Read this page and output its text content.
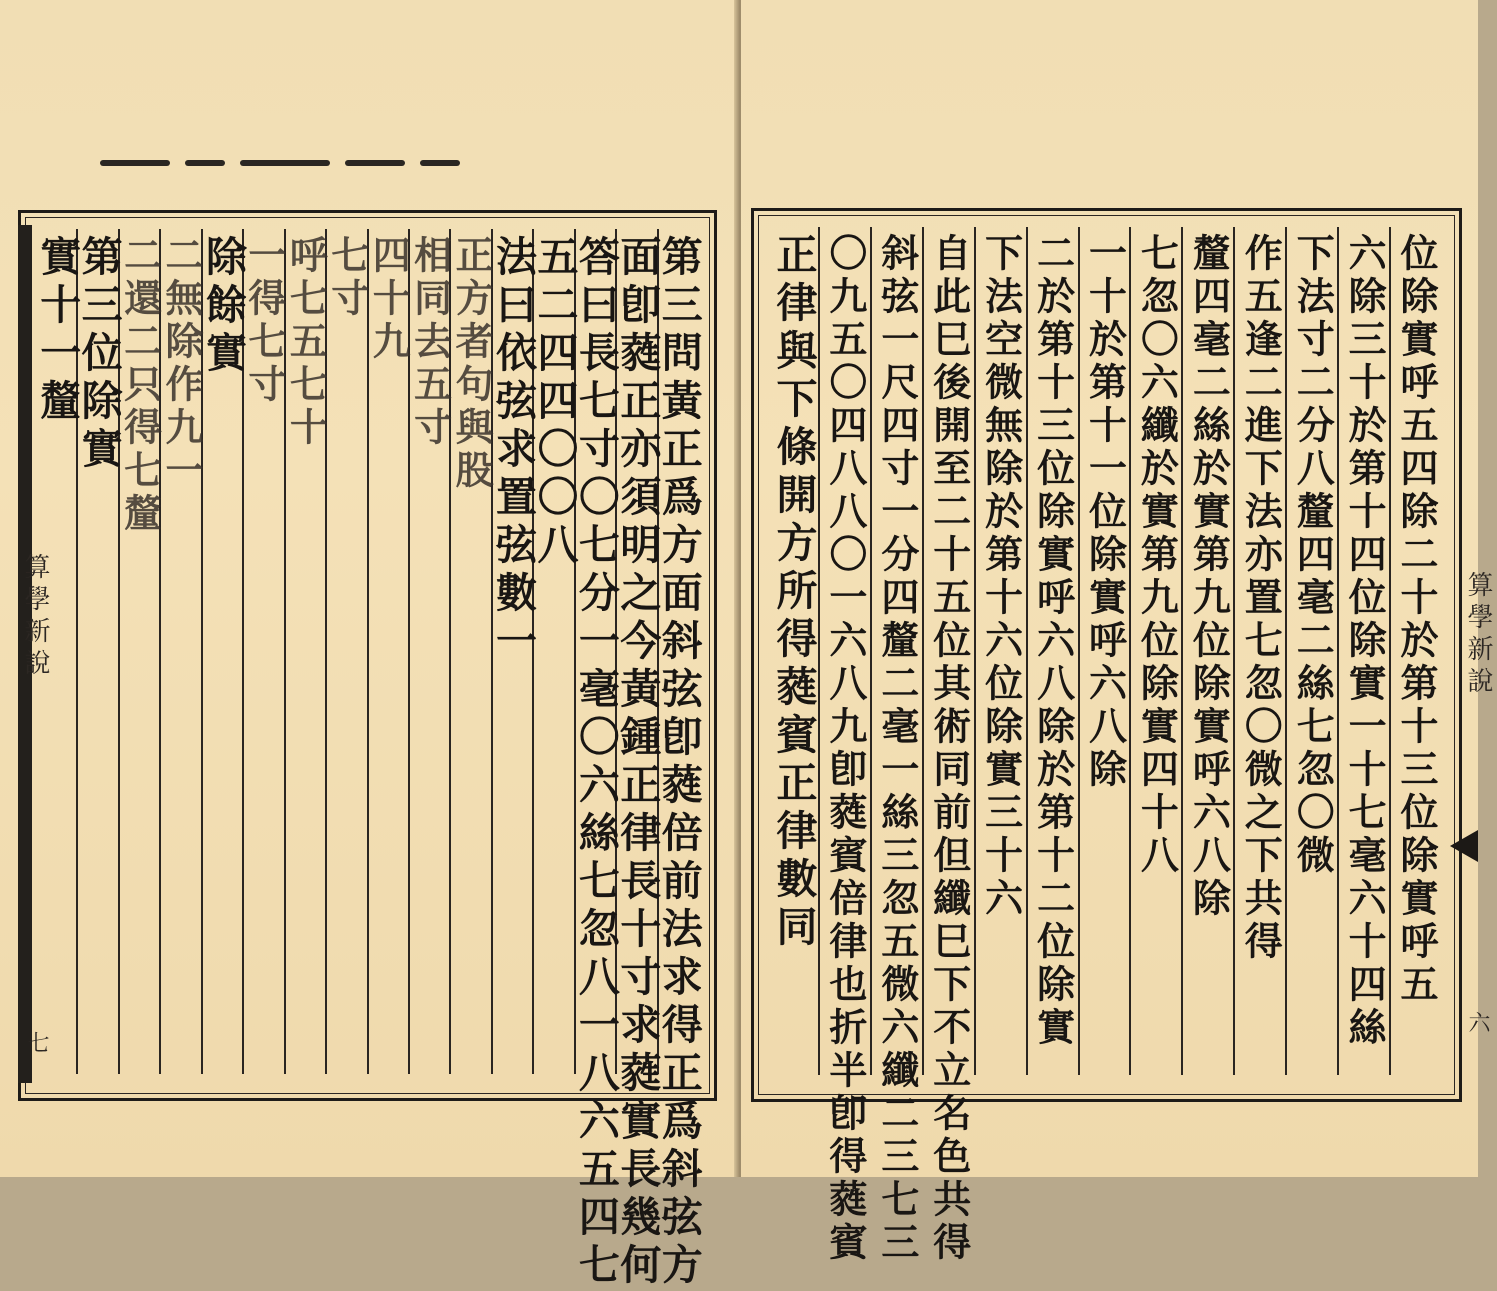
算學新說
七	第三問黃正爲方面斜弦卽蕤倍前法求得正爲斜弦方
面卽蕤正亦須明之今黃鍾正律長十寸求蕤實長幾何
答曰長七寸〇七分一毫〇六絲七忽八一八六五四七
五二四四〇〇八
法曰依弦求置弦數一
正方者句與股
相同去五寸
四十九
七寸
呼七五七十
一得七寸
除餘實
二無除作九一
二還二只得七釐
第三位除實
實十一釐
算學新說
六
位除實呼五四除二十於第十三位除實呼五
六除三十於第十四位除實一十七毫六十四絲
下法寸二分八釐四毫二絲七忽〇微
作五逢二進下法亦置七忽〇微之下共得
釐四毫二絲於實第九位除實呼六八除
七忽〇六纖於實第九位除實四十八
一十於第十一位除實呼六八除
二於第十三位除實呼六八除於第十二位除實
下法空微無除於第十六位除實三十六
自此巳後開至二十五位其術同前但纖巳下不立名色共得
斜弦一尺四寸一分四釐二毫一絲三忽五微六纖二三七三
〇九五〇四八八〇一六八九卽蕤賓倍律也折半卽得蕤賓
正律與下條開方所得蕤賓正律數同
